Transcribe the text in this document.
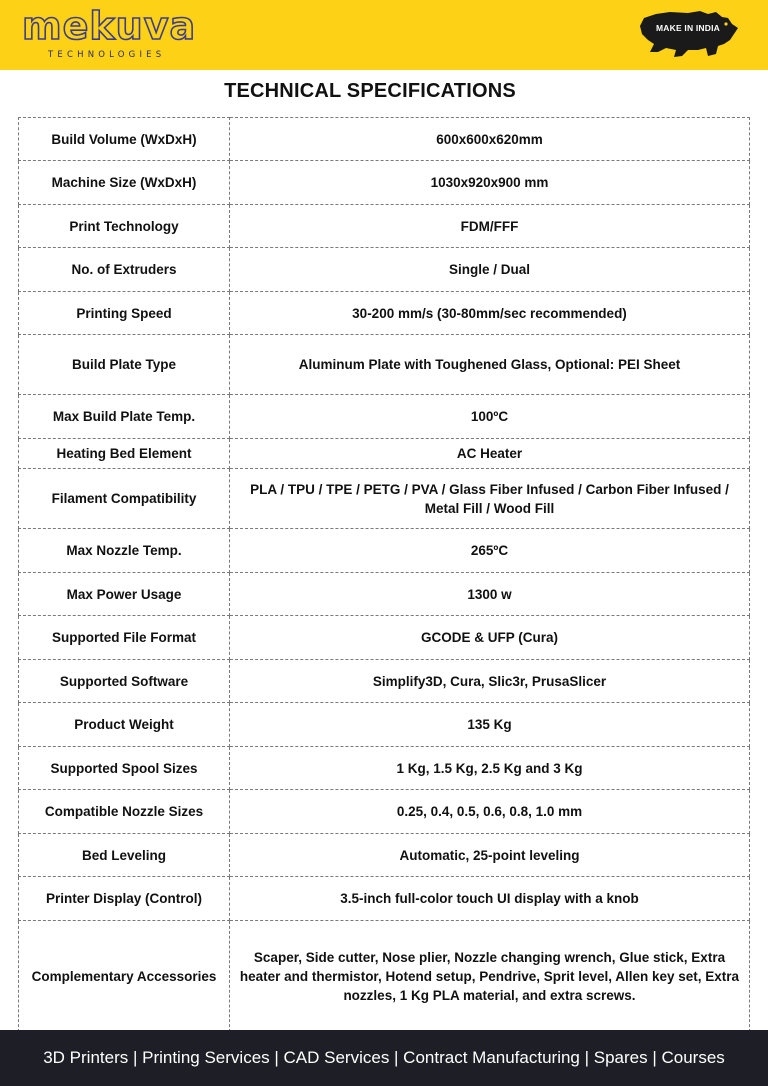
mekuva
TECHNOLOGIES
MAKE IN INDIA
TECHNICAL SPECIFICATIONS
Build Volume (WxDxH)	600x600x620mm
Machine Size (WxDxH)	1030x920x900 mm
Print Technology	FDM/FFF
No. of Extruders	Single / Dual
Printing Speed	30-200 mm/s (30-80mm/sec recommended)
Build Plate Type	Aluminum Plate with Toughened Glass, Optional: PEI Sheet
Max Build Plate Temp.	100ºC
Heating Bed Element	AC Heater
Filament Compatibility	PLA / TPU / TPE / PETG / PVA / Glass Fiber Infused / Carbon Fiber Infused / Metal Fill / Wood Fill
Max Nozzle Temp.	265ºC
Max Power Usage	1300 w
Supported File Format	GCODE & UFP (Cura)
Supported Software	Simplify3D, Cura, Slic3r, PrusaSlicer
Product Weight	135 Kg
Supported Spool Sizes	1 Kg, 1.5 Kg, 2.5 Kg and 3 Kg
Compatible Nozzle Sizes	0.25, 0.4, 0.5, 0.6, 0.8, 1.0 mm
Bed Leveling	Automatic, 25-point leveling
Printer Display (Control)	3.5-inch full-color touch UI display with a knob
Complementary Accessories	Scaper, Side cutter, Nose plier, Nozzle changing wrench, Glue stick, Extra heater and thermistor, Hotend setup, Pendrive, Sprit level, Allen key set, Extra nozzles, 1 Kg PLA material, and extra screws.
3D Printers | Printing Services | CAD Services | Contract Manufacturing | Spares | Courses
